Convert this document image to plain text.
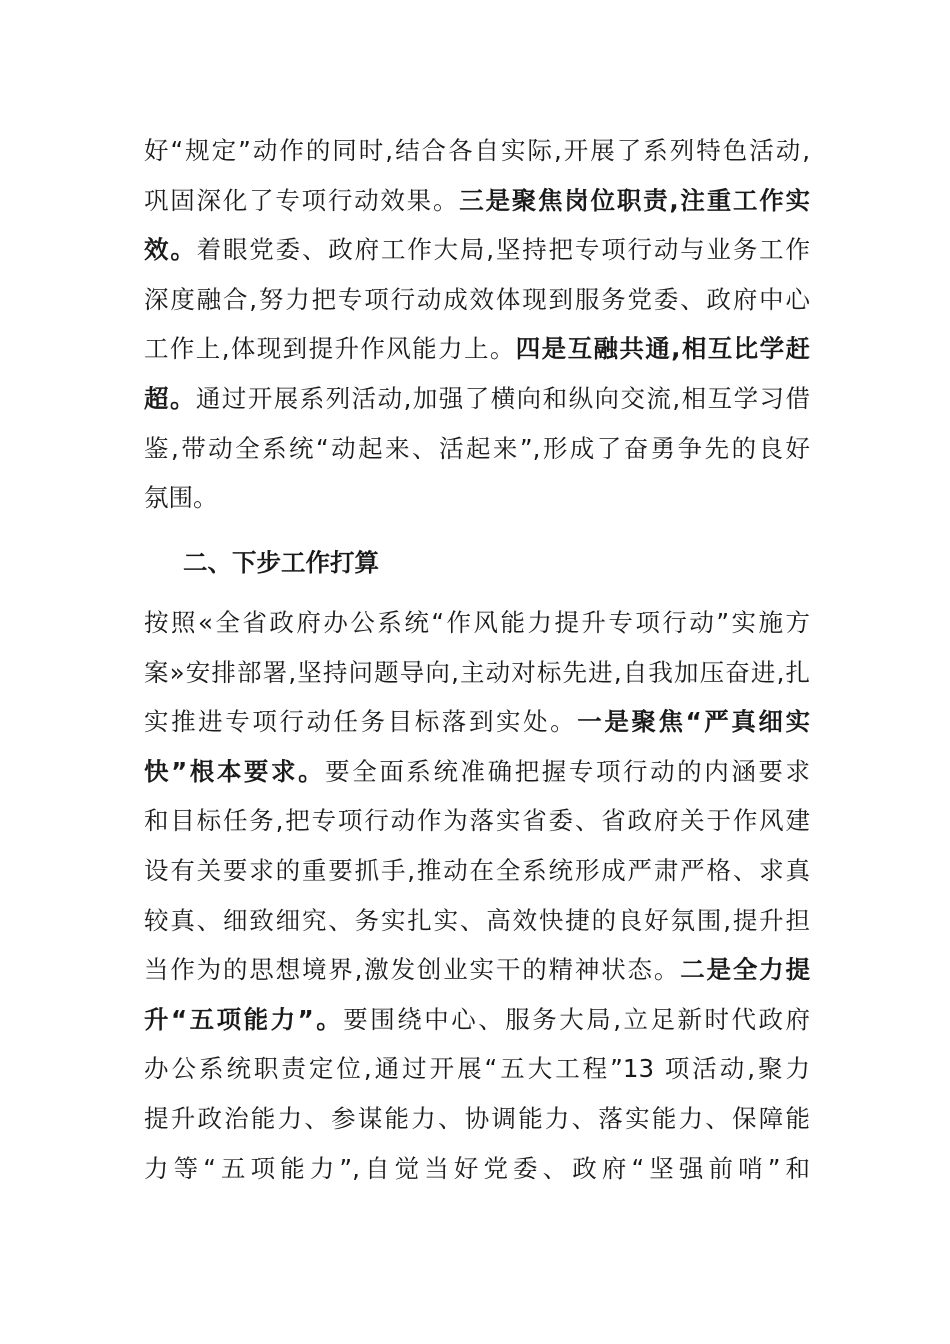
好“规定”动作的同时,结合各自实际,开展了系列特色活动,
巩固深化了专项行动效果。三是聚焦岗位职责,注重工作实
效。着眼党委、政府工作大局,坚持把专项行动与业务工作
深度融合,努力把专项行动成效体现到服务党委、政府中心
工作上,体现到提升作风能力上。四是互融共通,相互比学赶
超。通过开展系列活动,加强了横向和纵向交流,相互学习借
鉴,带动全系统“动起来、活起来”,形成了奋勇争先的良好
氛围。
二、下步工作打算
按照«全省政府办公系统“作风能力提升专项行动”实施方
案»安排部署,坚持问题导向,主动对标先进,自我加压奋进,扎
实推进专项行动任务目标落到实处。一是聚焦“严真细实
快”根本要求。要全面系统准确把握专项行动的内涵要求
和目标任务,把专项行动作为落实省委、省政府关于作风建
设有关要求的重要抓手,推动在全系统形成严肃严格、求真
较真、细致细究、务实扎实、高效快捷的良好氛围,提升担
当作为的思想境界,激发创业实干的精神状态。二是全力提
升“五项能力”。要围绕中心、服务大局,立足新时代政府
办公系统职责定位,通过开展“五大工程”13 项活动,聚力
提升政治能力、参谋能力、协调能力、落实能力、保障能
力等“五项能力”,自觉当好党委、政府“坚强前哨”和
